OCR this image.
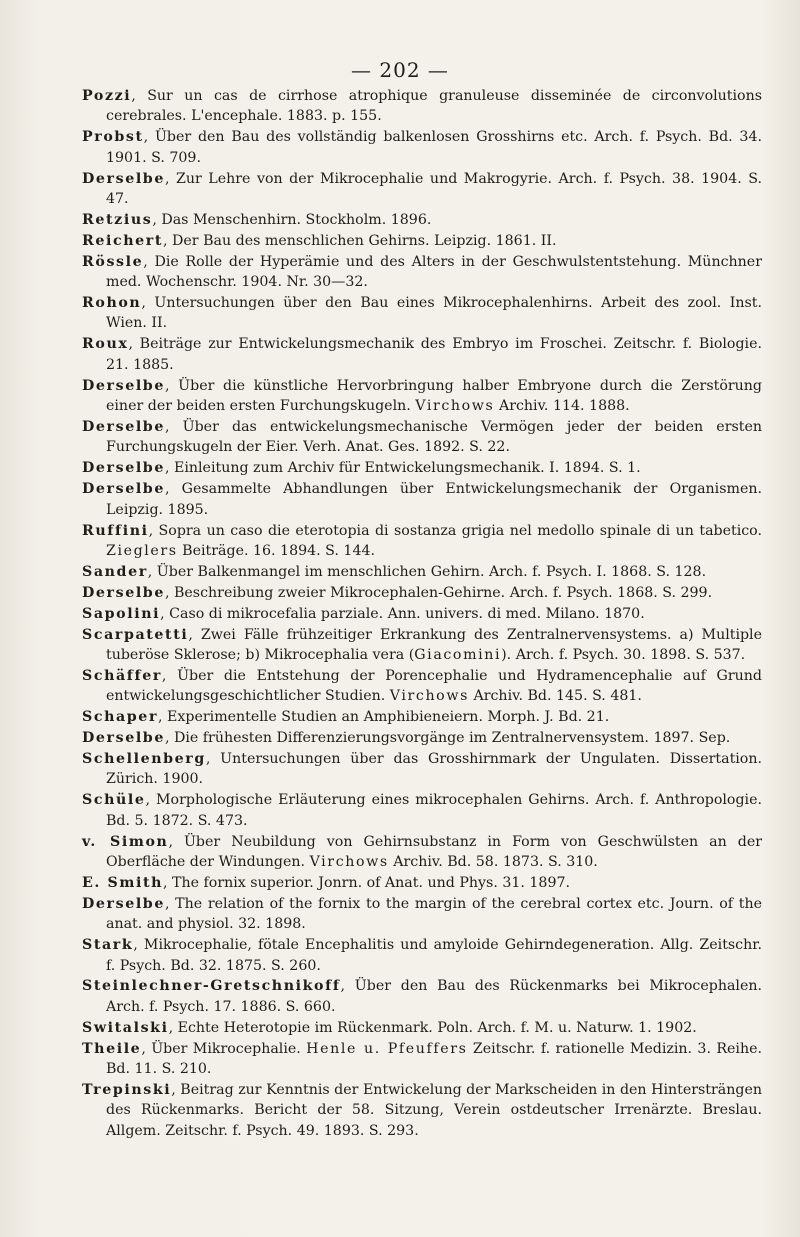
— 202 —

Pozzi, Sur un cas de cirrhose atrophique granuleuse disseminée de circonvolutions cerebrales. L'encephale. 1883. p. 155.

Probst, Über den Bau des vollständig balkenlosen Grosshirns etc. Arch. f. Psych. Bd. 34. 1901. S. 709.

Derselbe, Zur Lehre von der Mikrocephalie und Makrogyrie. Arch. f. Psych. 38. 1904. S. 47.

Retzius, Das Menschenhirn. Stockholm. 1896.

Reichert, Der Bau des menschlichen Gehirns. Leipzig. 1861. II.

Rössle, Die Rolle der Hyperämie und des Alters in der Geschwulstentstehung. Münchner med. Wochenschr. 1904. Nr. 30—32.

Rohon, Untersuchungen über den Bau eines Mikrocephalenhirns. Arbeit des zool. Inst. Wien. II.

Roux, Beiträge zur Entwickelungsmechanik des Embryo im Froschei. Zeitschr. f. Biologie. 21. 1885.

Derselbe, Über die künstliche Hervorbringung halber Embryone durch die Zerstörung einer der beiden ersten Furchungskugeln. Virchows Archiv. 114. 1888.

Derselbe, Über das entwickelungsmechanische Vermögen jeder der beiden ersten Furchungskugeln der Eier. Verh. Anat. Ges. 1892. S. 22.

Derselbe, Einleitung zum Archiv für Entwickelungsmechanik. I. 1894. S. 1.

Derselbe, Gesammelte Abhandlungen über Entwickelungsmechanik der Organismen. Leipzig. 1895.

Ruffini, Sopra un caso die eterotopia di sostanza grigia nel medollo spinale di un tabetico. Zieglers Beiträge. 16. 1894. S. 144.

Sander, Über Balkenmangel im menschlichen Gehirn. Arch. f. Psych. I. 1868. S. 128.

Derselbe, Beschreibung zweier Mikrocephalen-Gehirne. Arch. f. Psych. 1868. S. 299.

Sapolini, Caso di mikrocefalia parziale. Ann. univers. di med. Milano. 1870.

Scarpatetti, Zwei Fälle frühzeitiger Erkrankung des Zentralnervensystems. a) Multiple tuberöse Sklerose; b) Mikrocephalia vera (Giacomini). Arch. f. Psych. 30. 1898. S. 537.

Schäffer, Über die Entstehung der Porencephalie und Hydramencephalie auf Grund entwickelungsgeschichtlicher Studien. Virchows Archiv. Bd. 145. S. 481.

Schaper, Experimentelle Studien an Amphibieneiern. Morph. J. Bd. 21.

Derselbe, Die frühesten Differenzierungsvorgänge im Zentralnervensystem. 1897. Sep.

Schellenberg, Untersuchungen über das Grosshirnmark der Ungulaten. Dissertation. Zürich. 1900.

Schüle, Morphologische Erläuterung eines mikrocephalen Gehirns. Arch. f. Anthropologie. Bd. 5. 1872. S. 473.

v. Simon, Über Neubildung von Gehirnsubstanz in Form von Geschwülsten an der Oberfläche der Windungen. Virchows Archiv. Bd. 58. 1873. S. 310.

E. Smith, The fornix superior. Jonrn. of Anat. und Phys. 31. 1897.

Derselbe, The relation of the fornix to the margin of the cerebral cortex etc. Journ. of the anat. and physiol. 32. 1898.

Stark, Mikrocephalie, fötale Encephalitis und amyloide Gehirndegeneration. Allg. Zeitschr. f. Psych. Bd. 32. 1875. S. 260.

Steinlechner-Gretschnikoff, Über den Bau des Rückenmarks bei Mikrocephalen. Arch. f. Psych. 17. 1886. S. 660.

Switalski, Echte Heterotopie im Rückenmark. Poln. Arch. f. M. u. Naturw. 1. 1902.

Theile, Über Mikrocephalie. Henle u. Pfeuffers Zeitschr. f. rationelle Medizin. 3. Reihe. Bd. 11. S. 210.

Trepinski, Beitrag zur Kenntnis der Entwickelung der Markscheiden in den Hintersträngen des Rückenmarks. Bericht der 58. Sitzung, Verein ostdeutscher Irrenärzte. Breslau. Allgem. Zeitschr. f. Psych. 49. 1893. S. 293.
